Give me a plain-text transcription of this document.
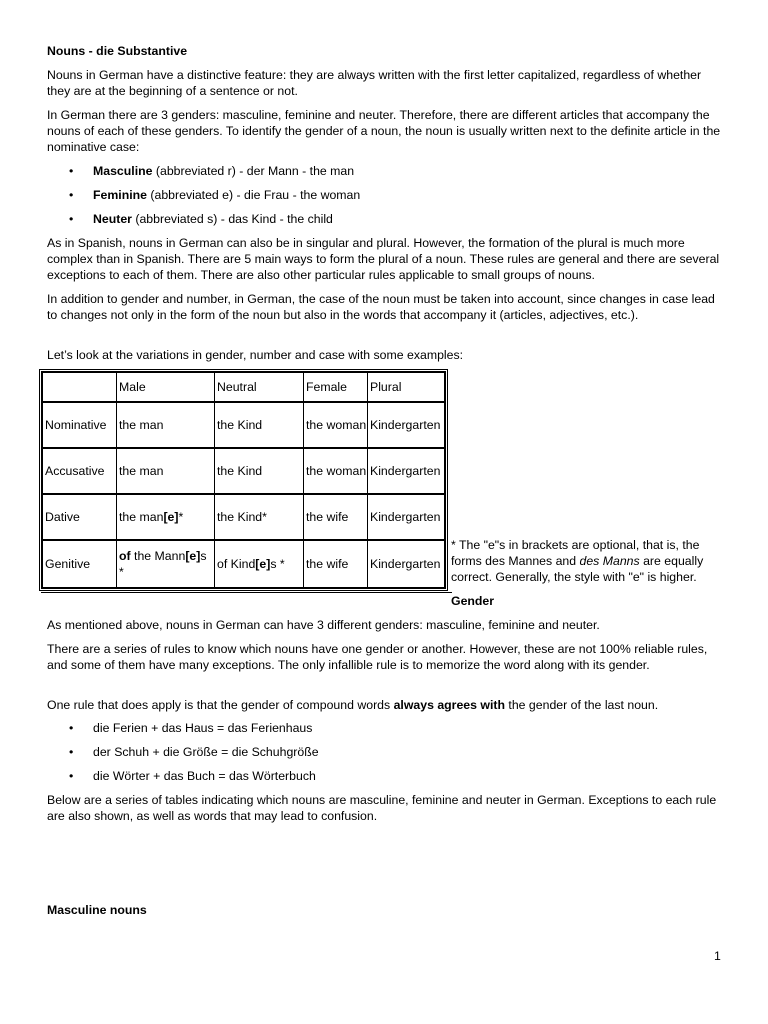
Nouns - die Substantive

Nouns in German have a distinctive feature: they are always written with the first letter capitalized, regardless of whether they are at the beginning of a sentence or not.

In German there are 3 genders: masculine, feminine and neuter. Therefore, there are different articles that accompany the nouns of each of these genders. To identify the gender of a noun, the noun is usually written next to the definite article in the nominative case:

• Masculine (abbreviated r) - der Mann - the man
• Feminine (abbreviated e) - die Frau - the woman
• Neuter (abbreviated s) - das Kind - the child

As in Spanish, nouns in German can also be in singular and plural. However, the formation of the plural is much more complex than in Spanish. There are 5 main ways to form the plural of a noun. These rules are general and there are several exceptions to each of them. There are also other particular rules applicable to small groups of nouns.

In addition to gender and number, in German, the case of the noun must be taken into account, since changes in case lead to changes not only in the form of the noun but also in the words that accompany it (articles, adjectives, etc.).

Let’s look at the variations in gender, number and case with some examples:

	Male	Neutral	Female	Plural
Nominative	the man	the Kind	the woman	Kindergarten
Accusative	the man	the Kind	the woman	Kindergarten
Dative	the man[e]*	the Kind*	the wife	Kindergarten
Genitive	of the Mann[e]s *	of Kind[e]s *	the wife	Kindergarten

* The "e"s in brackets are optional, that is, the forms des Mannes and des Manns are equally correct. Generally, the style with "e" is higher.

Gender

As mentioned above, nouns in German can have 3 different genders: masculine, feminine and neuter.

There are a series of rules to know which nouns have one gender or another. However, these are not 100% reliable rules, and some of them have many exceptions. The only infallible rule is to memorize the word along with its gender.

One rule that does apply is that the gender of compound words always agrees with the gender of the last noun.

• die Ferien + das Haus = das Ferienhaus
• der Schuh + die Größe = die Schuhgröße
• die Wörter + das Buch = das Wörterbuch

Below are a series of tables indicating which nouns are masculine, feminine and neuter in German. Exceptions to each rule are also shown, as well as words that may lead to confusion.

Masculine nouns

1
